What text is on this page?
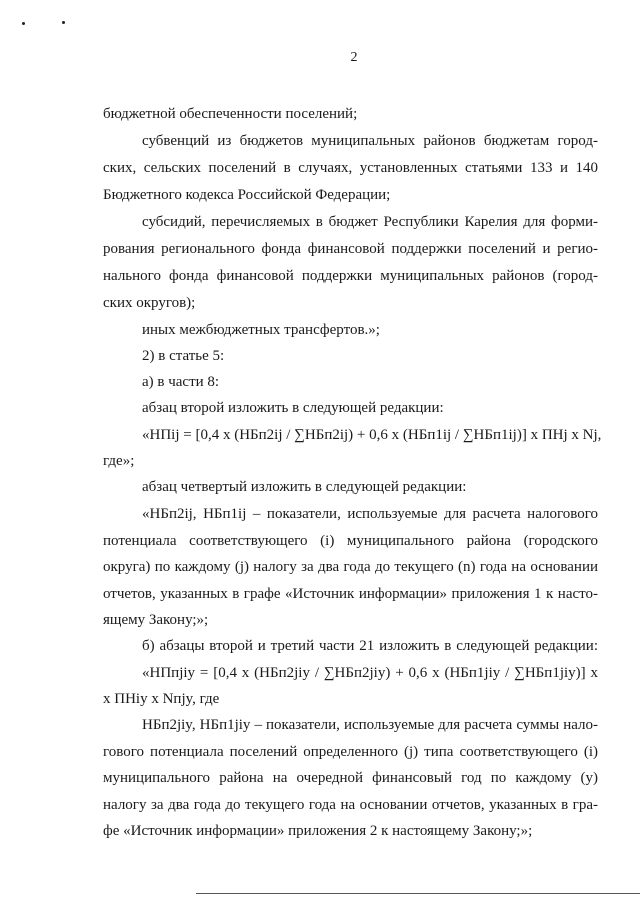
2
бюджетной обеспеченности поселений;
субвенций из бюджетов муниципальных районов бюджетам город-
ских, сельских поселений в случаях, установленных статьями 133 и 140
Бюджетного кодекса Российской Федерации;
субсидий, перечисляемых в бюджет Республики Карелия для форми-
рования регионального фонда финансовой поддержки поселений и регио-
нального фонда финансовой поддержки муниципальных районов (город-
ских округов);
иных межбюджетных трансфертов.»;
2) в статье 5:
а) в части 8:
абзац второй изложить в следующей редакции:
«НПij = [0,4 х (НБп2ij / ∑НБп2ij) + 0,6 х (НБп1ij / ∑НБп1ij)] х ПНj х Nj,
где»;
абзац четвертый изложить в следующей редакции:
«НБп2ij, НБп1ij – показатели, используемые для расчета налогового
потенциала соответствующего (i) муниципального района (городского
округа) по каждому (j) налогу за два года до текущего (n) года на основании
отчетов, указанных в графе «Источник информации» приложения 1 к насто-
ящему Закону;»;
б) абзацы второй и третий части 21 изложить в следующей редакции:
«НПпjiy = [0,4 х (НБп2jiy / ∑НБп2jiy) + 0,6 х (НБп1jiy / ∑НБп1jiy)] х
х ПНiy х Nпjy, где
НБп2jiy, НБп1jiy – показатели, используемые для расчета суммы нало-
гового потенциала поселений определенного (j) типа соответствующего (i)
муниципального района на очередной финансовый год по каждому (у)
налогу за два года до текущего года на основании отчетов, указанных в гра-
фе «Источник информации» приложения 2 к настоящему Закону;»;
